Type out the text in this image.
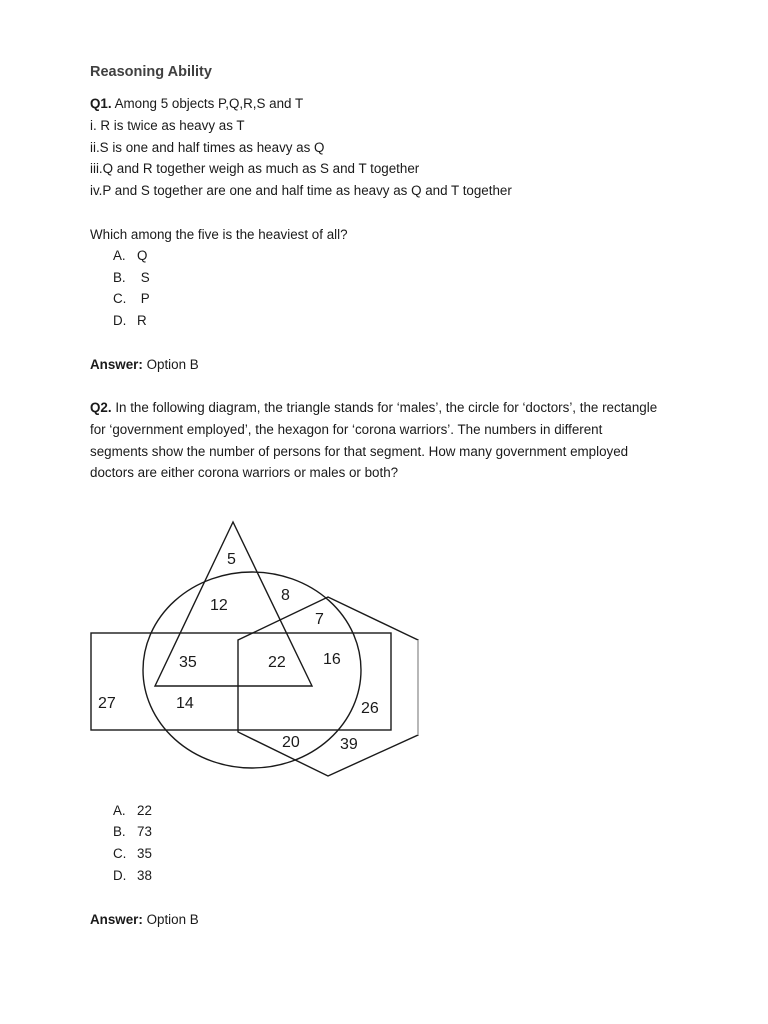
Reasoning Ability
Q1. Among 5 objects P,Q,R,S and T
i. R is twice as heavy as T
ii.S is one and half times as heavy as Q
iii.Q and R together weigh as much as S and T together
iv.P and S together are one and half time as heavy as Q and T together
Which among the five is the heaviest of all?
A. Q
B. S
C. P
D. R
Answer: Option B
Q2. In the following diagram, the triangle stands for ‘males’, the circle for ‘doctors’, the rectangle for ‘government employed’, the hexagon for ‘corona warriors’. The numbers in different segments show the number of persons for that segment. How many government employed doctors are either corona warriors or males or both?
5
12
8
7
35	22 16
27	14	26
20	39
A. 22
B. 73
C. 35
D. 38
Answer: Option B
